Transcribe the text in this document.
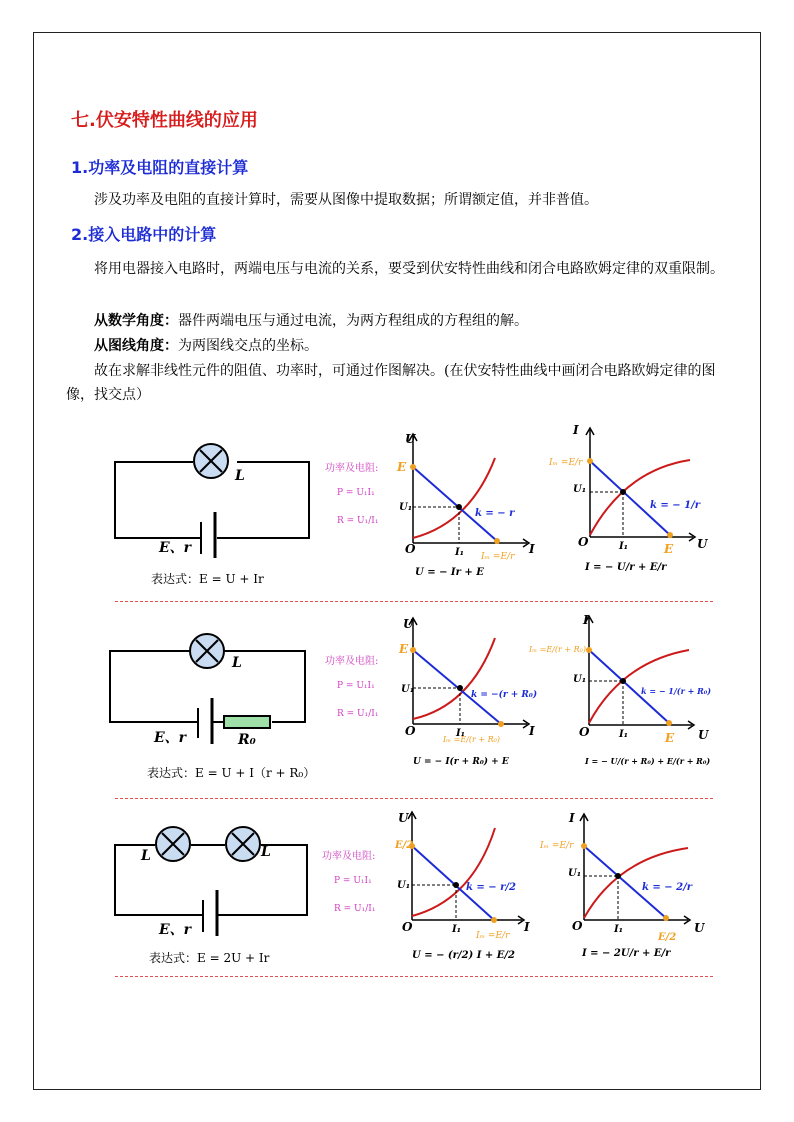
七.伏安特性曲线的应用
1.功率及电阻的直接计算
涉及功率及电阻的直接计算时，需要从图像中提取数据；所谓额定值，并非普值。
2.接入电路中的计算
将用电器接入电路时，两端电压与电流的关系，要受到伏安特性曲线和闭合电路欧姆定律的双重限制。
从数学角度：器件两端电压与通过电流，为两方程组成的方程组的解。
从图线角度：为两图线交点的坐标。
故在求解非线性元件的阻值、功率时，可通过作图解决。(在伏安特性曲线中画闭合电路欧姆定律的图像，找交点）
L
E、r
表达式：E = U + Ir
功率及电阻:
P = U₁I₁
R = U₁/I₁
U
E
U₁
I₁
O	I
k = − r
Iₘ =E/r
U = − Ir + E
I
Iₘ =E/r
U₁
I₁
O	E U
k = − 1/r
I = − U/r + E/r
L
E、r	R₀
表达式：E = U + I（r + R₀）
功率及电阻:
P = U₁I₁
R = U₁/I₁
U
E
U₁
I₁
O	I
k = −(r + R₀)
Iₘ =E/(r + R₀)
U = − I(r + R₀) + E
I
Iₘ =E/(r + R₀)
U₁
I₁
O	E U
k = − 1/(r + R₀)
I = − U/(r + R₀) + E/(r + R₀)
L	L
E、r
表达式：E = 2U + Ir
功率及电阻:
P = U₁I₁
R = U₁/I₁
U
E/2
U₁
I₁
O	I
k = − r/2
Iₘ =E/r
U = − (r/2) I + E/2
I
Iₘ =E/r
U₁
I₁
O
E/2
U
k = − 2/r
I = − 2U/r + E/r
